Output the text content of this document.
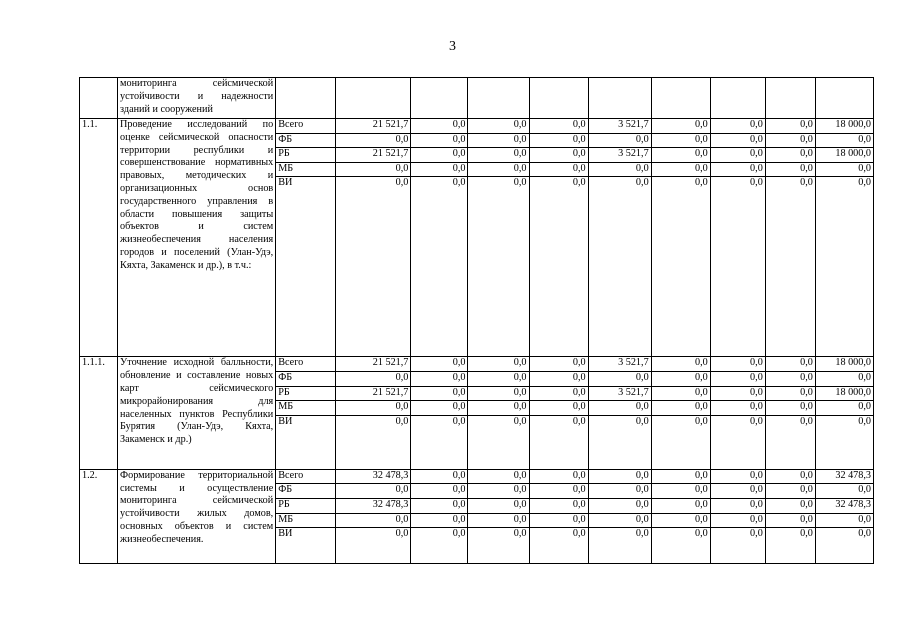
3
	мониторинга сейсмической устойчивости и надежности зданий и сооружений										
1.1.	Проведение исследований по оценке сейсмической опасности территории республики и совершенствование нормативных правовых, методических и организационных основ государственного управления в области повышения защиты объектов и систем жизнеобеспечения населения городов и поселений (Улан-Удэ, Кяхта, Закаменск и др.), в т.ч.:	Всего	21 521,7	0,0	0,0	0,0	3 521,7	0,0	0,0	0,0	18 000,0
		ФБ	0,0	0,0	0,0	0,0	0,0	0,0	0,0	0,0	0,0
		РБ	21 521,7	0,0	0,0	0,0	3 521,7	0,0	0,0	0,0	18 000,0
		МБ	0,0	0,0	0,0	0,0	0,0	0,0	0,0	0,0	0,0
		ВИ	0,0	0,0	0,0	0,0	0,0	0,0	0,0	0,0	0,0
1.1.1.	Уточнение исходной балльности, обновление и составление новых карт сейсмического микрорайонирования для населенных пунктов Республики Бурятия (Улан-Удэ, Кяхта, Закаменск и др.)	Всего	21 521,7	0,0	0,0	0,0	3 521,7	0,0	0,0	0,0	18 000,0
		ФБ	0,0	0,0	0,0	0,0	0,0	0,0	0,0	0,0	0,0
		РБ	21 521,7	0,0	0,0	0,0	3 521,7	0,0	0,0	0,0	18 000,0
		МБ	0,0	0,0	0,0	0,0	0,0	0,0	0,0	0,0	0,0
		ВИ	0,0	0,0	0,0	0,0	0,0	0,0	0,0	0,0	0,0
1.2.	Формирование территориальной системы и осуществление мониторинга сейсмической устойчивости жилых домов, основных объектов и систем жизнеобеспечения.	Всего	32 478,3	0,0	0,0	0,0	0,0	0,0	0,0	0,0	32 478,3
		ФБ	0,0	0,0	0,0	0,0	0,0	0,0	0,0	0,0	0,0
		РБ	32 478,3	0,0	0,0	0,0	0,0	0,0	0,0	0,0	32 478,3
		МБ	0,0	0,0	0,0	0,0	0,0	0,0	0,0	0,0	0,0
		ВИ	0,0	0,0	0,0	0,0	0,0	0,0	0,0	0,0	0,0
